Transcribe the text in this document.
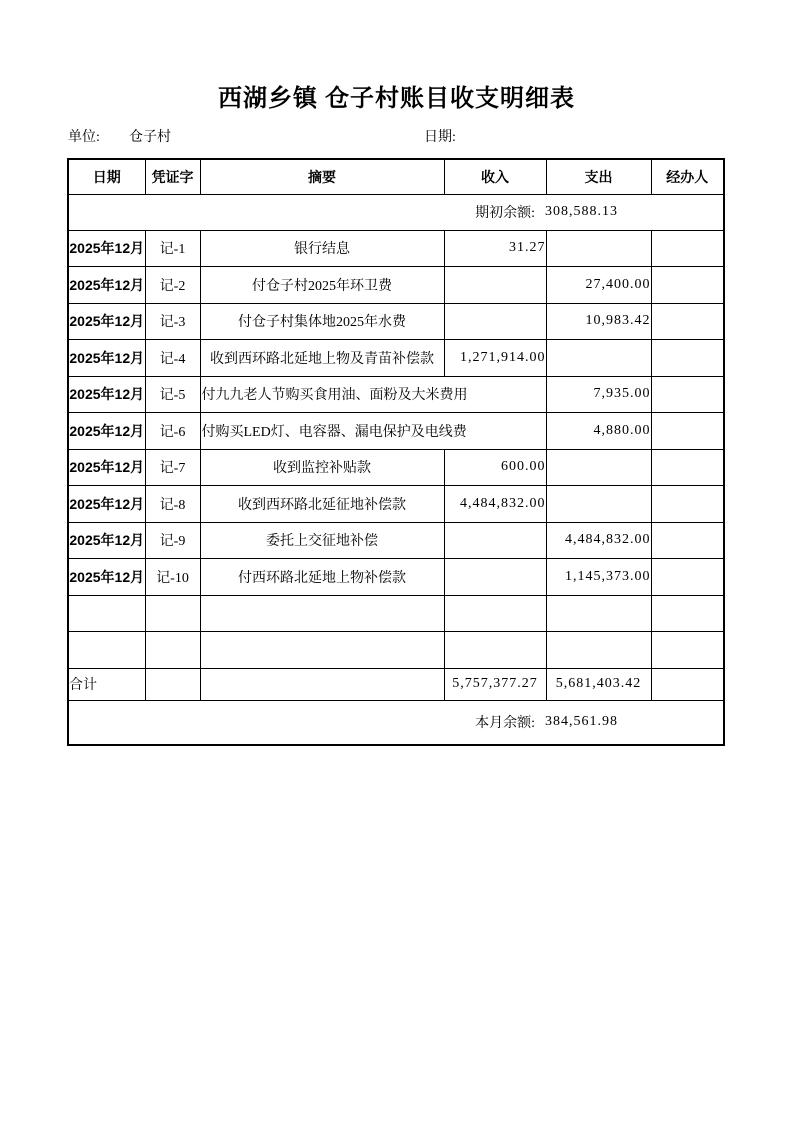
西湖乡镇 仓子村账目收支明细表
单位: 仓子村	日期:
日期	凭证字	摘要	收入	支出	经办人

期初余额: 308,588.13					

2025年12月	记-1	银行结息	31.27		
2025年12月	记-2	付仓子村2025年环卫费		27,400.00	
2025年12月	记-3	付仓子村集体地2025年水费		10,983.42	
2025年12月	记-4	收到西环路北延地上物及青苗补偿款	1,271,914.00		
2025年12月	记-5	付九九老人节购买食用油、面粉及大米费用		7,935.00	
2025年12月	记-6	付购买LED灯、电容器、漏电保护及电线费		4,880.00	
2025年12月	记-7	收到监控补贴款	600.00		
2025年12月	记-8	收到西环路北延征地补偿款	4,484,832.00		
2025年12月	记-9	委托上交征地补偿		4,484,832.00	
2025年12月	记-10	付西环路北延地上物补偿款		1,145,373.00	

合计			5,757,377.27	5,681,403.42	

本月余额: 384,561.98					
